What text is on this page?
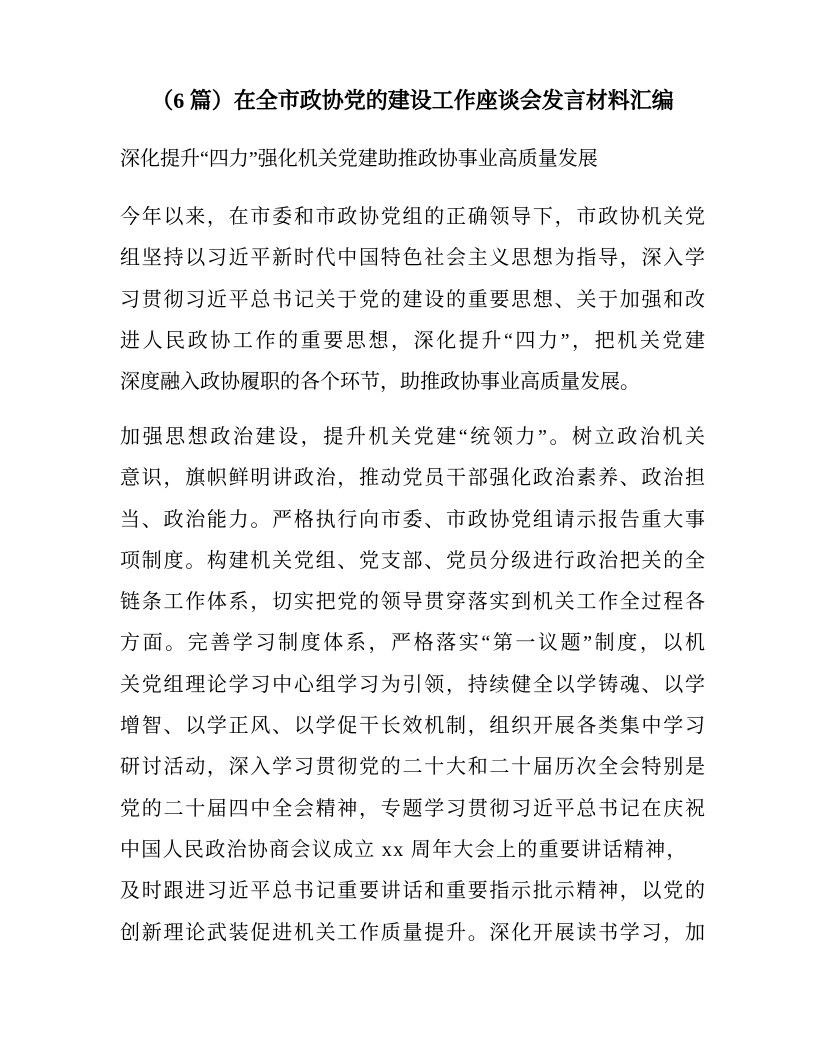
（6 篇）在全市政协党的建设工作座谈会发言材料汇编
深化提升“四力”强化机关党建助推政协事业高质量发展
今年以来，在市委和市政协党组的正确领导下，市政协机关党
组坚持以习近平新时代中国特色社会主义思想为指导，深入学
习贯彻习近平总书记关于党的建设的重要思想、关于加强和改
进人民政协工作的重要思想，深化提升“四力”，把机关党建
深度融入政协履职的各个环节，助推政协事业高质量发展。
加强思想政治建设，提升机关党建“统领力”。树立政治机关
意识，旗帜鲜明讲政治，推动党员干部强化政治素养、政治担
当、政治能力。严格执行向市委、市政协党组请示报告重大事
项制度。构建机关党组、党支部、党员分级进行政治把关的全
链条工作体系，切实把党的领导贯穿落实到机关工作全过程各
方面。完善学习制度体系，严格落实“第一议题”制度，以机
关党组理论学习中心组学习为引领，持续健全以学铸魂、以学
增智、以学正风、以学促干长效机制，组织开展各类集中学习
研讨活动，深入学习贯彻党的二十大和二十届历次全会特别是
党的二十届四中全会精神，专题学习贯彻习近平总书记在庆祝
中国人民政治协商会议成立 xx 周年大会上的重要讲话精神，
及时跟进习近平总书记重要讲话和重要指示批示精神，以党的
创新理论武装促进机关工作质量提升。深化开展读书学习，加
